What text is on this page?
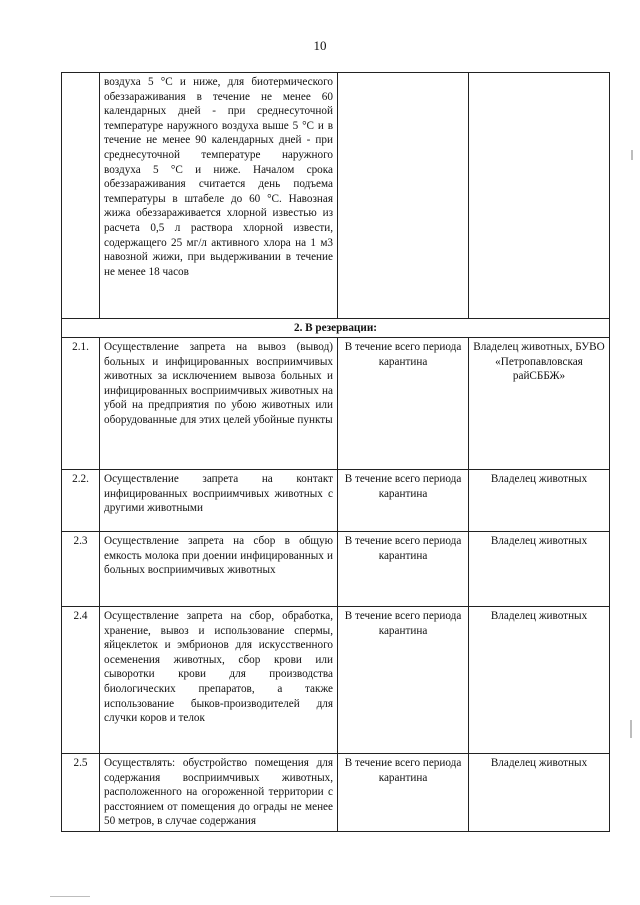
10
	воздуха 5 °С и ниже, для биотермического обеззараживания в течение не менее 60 календарных дней - при среднесуточной температуре наружного воздуха выше 5 °С и в течение не менее 90 календарных дней - при среднесуточной температуре наружного воздуха 5 °С и ниже. Началом срока обеззараживания считается день подъема температуры в штабеле до 60 °С. Навозная жижа обеззараживается хлорной известью из расчета 0,5 л раствора хлорной извести, содержащего 25 мг/л активного хлора на 1 м3 навозной жижи, при выдерживании в течение не менее 18 часов		
2. В резервации:			
2.1.	Осуществление запрета на вывоз (вывод) больных и инфицированных восприимчивых животных за исключением вывоза больных и инфицированных восприимчивых животных на убой на предприятия по убою животных или оборудованные для этих целей убойные пункты	В течение всего периода карантина	Владелец животных, БУВО «Петропавловская райСББЖ»
2.2.	Осуществление запрета на контакт инфицированных восприимчивых животных с другими животными	В течение всего периода карантина	Владелец животных
2.3	Осуществление запрета на сбор в общую емкость молока при доении инфицированных и больных восприимчивых животных	В течение всего периода карантина	Владелец животных
2.4	Осуществление запрета на сбор, обработка, хранение, вывоз и использование спермы, яйцеклеток и эмбрионов для искусственного осеменения животных, сбор крови или сыворотки крови для производства биологических препаратов, а также использование быков-производителей для случки коров и телок	В течение всего периода карантина	Владелец животных
2.5	Осуществлять: обустройство помещения для содержания восприимчивых животных, расположенного на огороженной территории с расстоянием от помещения до ограды не менее 50 метров, в случае содержания	В течение всего периода карантина	Владелец животных
